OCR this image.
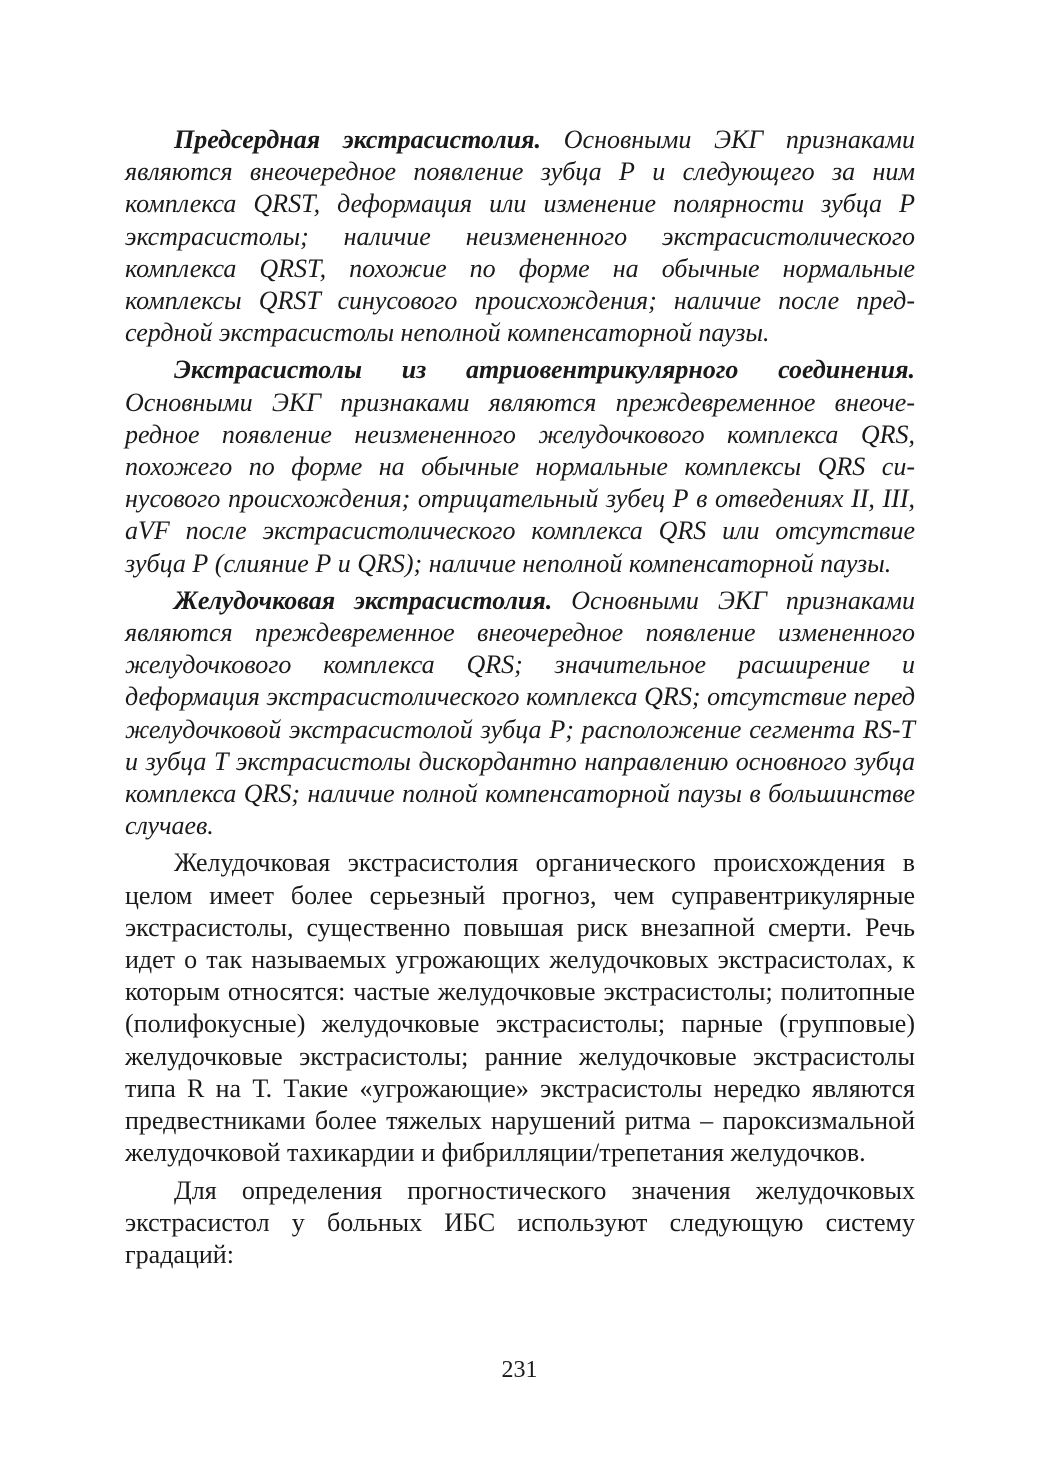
Предсердная экстрасистолия. Основными ЭКГ признаками являются внеочередное появление зубца Р и следующего за ним комплекса QRST, деформация или изменение полярности зубца Р экстрасистолы; наличие неизмененного экстрасистолического комплекса QRST, похожие по форме на обычные нормальные комплексы QRST синусового происхождения; наличие после предсердной экстрасистолы неполной компенсаторной паузы.

Экстрасистолы из атриовентрикулярного соединения. Основными ЭКГ признаками являются преждевременное внеочередное появление неизмененного желудочкового комплекса QRS, похожего по форме на обычные нормальные комплексы QRS синусового происхождения; отрицательный зубец Р в отведениях II, III, aVF после экстрасистолического комплекса QRS или отсутствие зубца Р (слияние Р и QRS); наличие неполной компенсаторной паузы.

Желудочковая экстрасистолия. Основными ЭКГ признаками являются преждевременное внеочередное появление измененного желудочкового комплекса QRS; значительное расширение и деформация экстрасистолического комплекса QRS; отсутствие перед желудочковой экстрасистолой зубца Р; расположение сегмента RS-T и зубца Т экстрасистолы дискордантно направлению основного зубца комплекса QRS; наличие полной компенсаторной паузы в большинстве случаев.

Желудочковая экстрасистолия органического происхождения в целом имеет более серьезный прогноз, чем суправентрикулярные экстрасистолы, существенно повышая риск внезапной смерти. Речь идет о так называемых угрожающих желудочковых экстрасистолах, к которым относятся: частые желудочковые экстрасистолы; политопные (полифокусные) желудочковые экстрасистолы; парные (групповые) желудочковые экстрасистолы; ранние желудочковые экстрасистолы типа R на Т. Такие «угрожающие» экстрасистолы нередко являются предвестниками более тяжелых нарушений ритма – пароксизмальной желудочковой тахикардии и фибрилляции/трепетания желудочков.

Для определения прогностического значения желудочковых экстрасистол у больных ИБС используют следующую систему градаций:

231
